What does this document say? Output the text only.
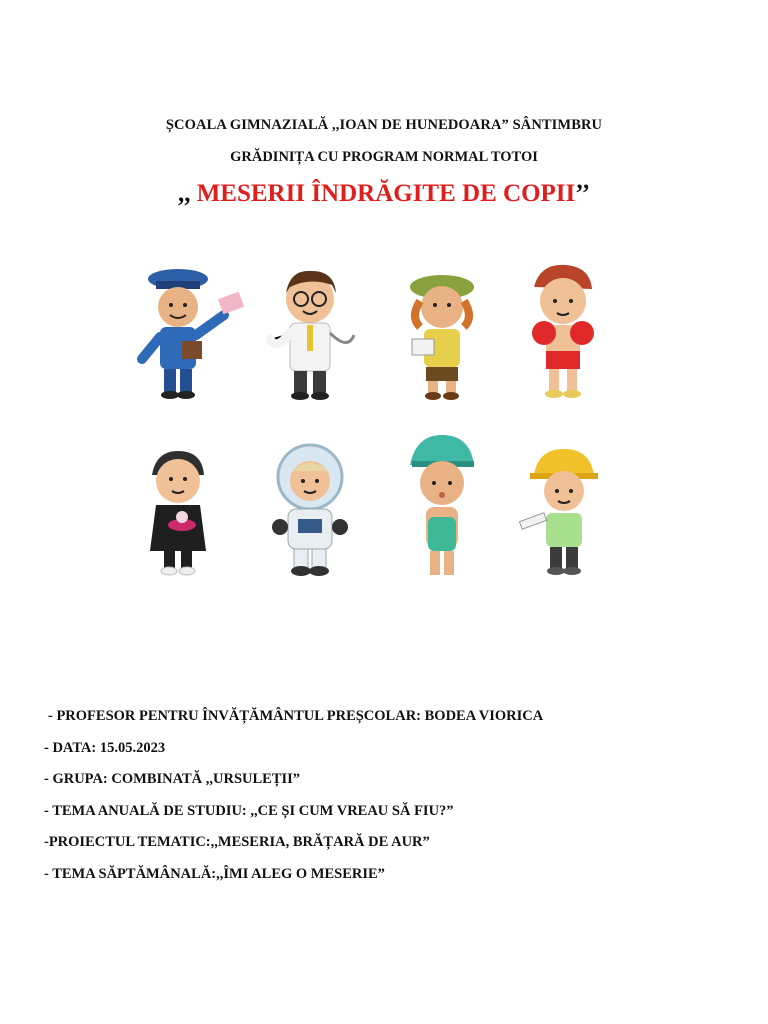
ȘCOALA GIMNAZIALĂ ,,IOAN DE HUNEDOARA” SÂNTIMBRU
GRĂDINIȚA CU PROGRAM NORMAL TOTOI
,, MESERII ÎNDRĂGITE DE COPII’’
- PROFESOR PENTRU ÎNVĂȚĂMÂNTUL PREȘCOLAR: BODEA VIORICA
- DATA: 15.05.2023
- GRUPA: COMBINATĂ ,,URSULEȚII”
- TEMA ANUALĂ DE STUDIU: ,,CE ȘI CUM VREAU SĂ FIU?”
-PROIECTUL TEMATIC:,,MESERIA, BRĂȚARĂ DE AUR”
- TEMA SĂPTĂMÂNALĂ:,,ÎMI ALEG O MESERIE”
